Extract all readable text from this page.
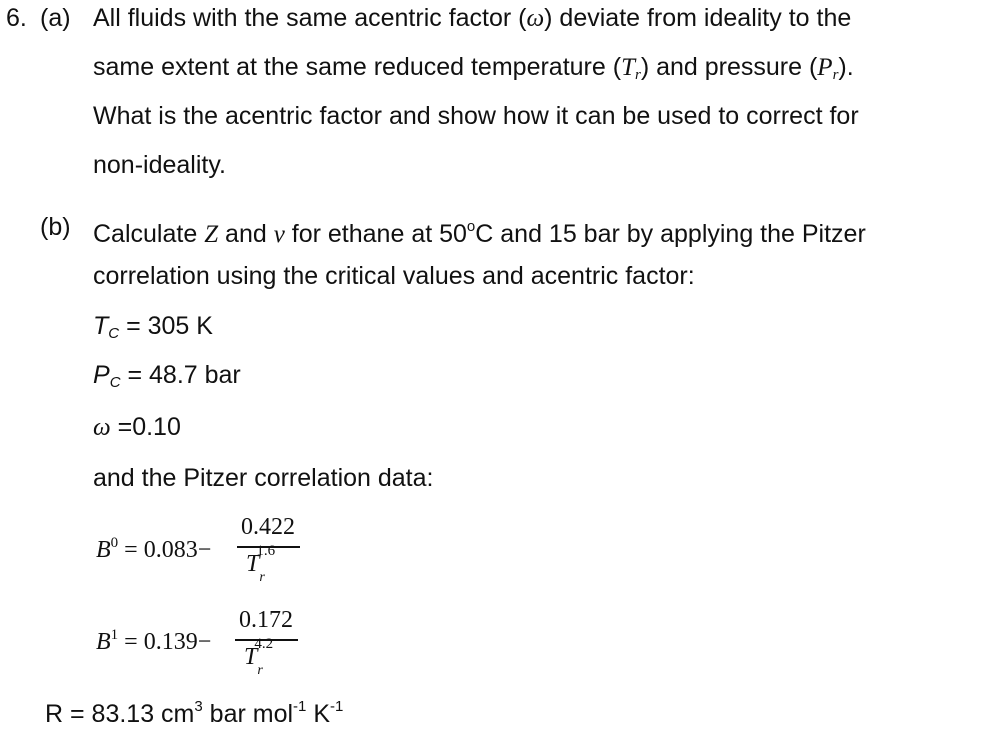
6. (a) All fluids with the same acentric factor (ω) deviate from ideality to the
same extent at the same reduced temperature $(T_r)$ and pressure $(P_r)$.
What is the acentric factor and show how it can be used to correct for
non-ideality.
(b) Calculate Z and v for ethane at 50$^o$C and 15 bar by applying the Pitzer
correlation using the critical values and acentric factor:
$T_C = 305$ K
$P_C = 48.7$ bar
ω =0.10
and the Pitzer correlation data:
$B^0 = 0.083-$
0.422
$T_r$
1.6
$B^1 = 0.139-$
0.172
$T_r$
4.2
R = 83.13 $cm^3$ bar mol$^{-1}$ $K^{-1}$
